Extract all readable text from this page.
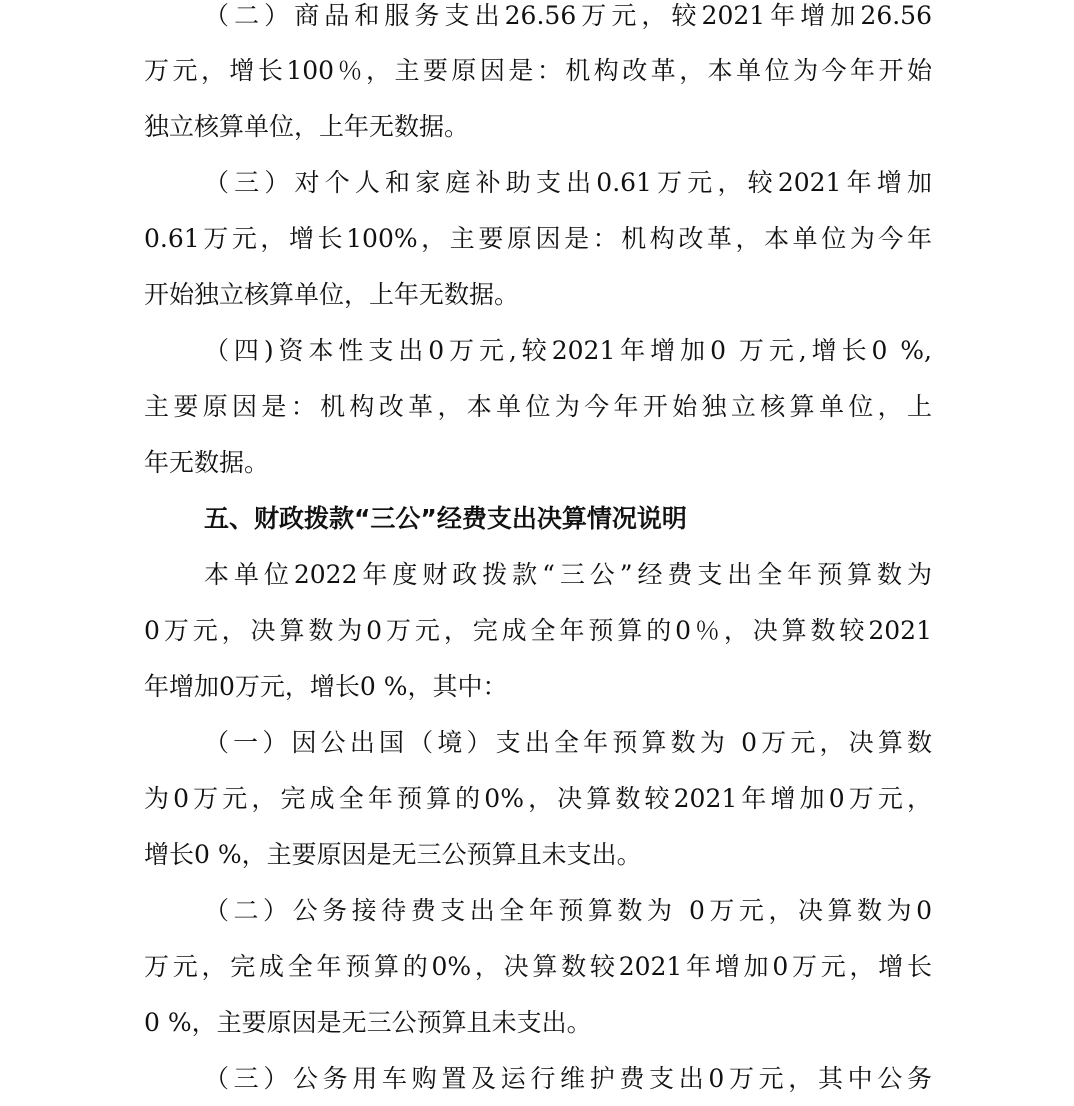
（二）商品和服务支出26.56万元，较2021年增加26.56
万元，增长100％，主要原因是：机构改革，本单位为今年开始
独立核算单位，上年无数据。
（三）对个人和家庭补助支出0.61万元，较2021年增加
0.61万元，增长100%，主要原因是：机构改革，本单位为今年
开始独立核算单位，上年无数据。
（四)资本性支出0万元,较2021年增加0 万元,增长0 %,
主要原因是：机构改革，本单位为今年开始独立核算单位，上
年无数据。
五、财政拨款“三公”经费支出决算情况说明
本单位2022年度财政拨款“三公”经费支出全年预算数为
0万元，决算数为0万元，完成全年预算的0％，决算数较2021
年增加0万元，增长0 %，其中：
（一）因公出国（境）支出全年预算数为 0万元，决算数
为0万元，完成全年预算的0%，决算数较2021年增加0万元，
增长0 %，主要原因是无三公预算且未支出。
（二）公务接待费支出全年预算数为 0万元，决算数为0
万元，完成全年预算的0%，决算数较2021年增加0万元，增长
0 %，主要原因是无三公预算且未支出。
（三）公务用车购置及运行维护费支出0万元，其中公务
